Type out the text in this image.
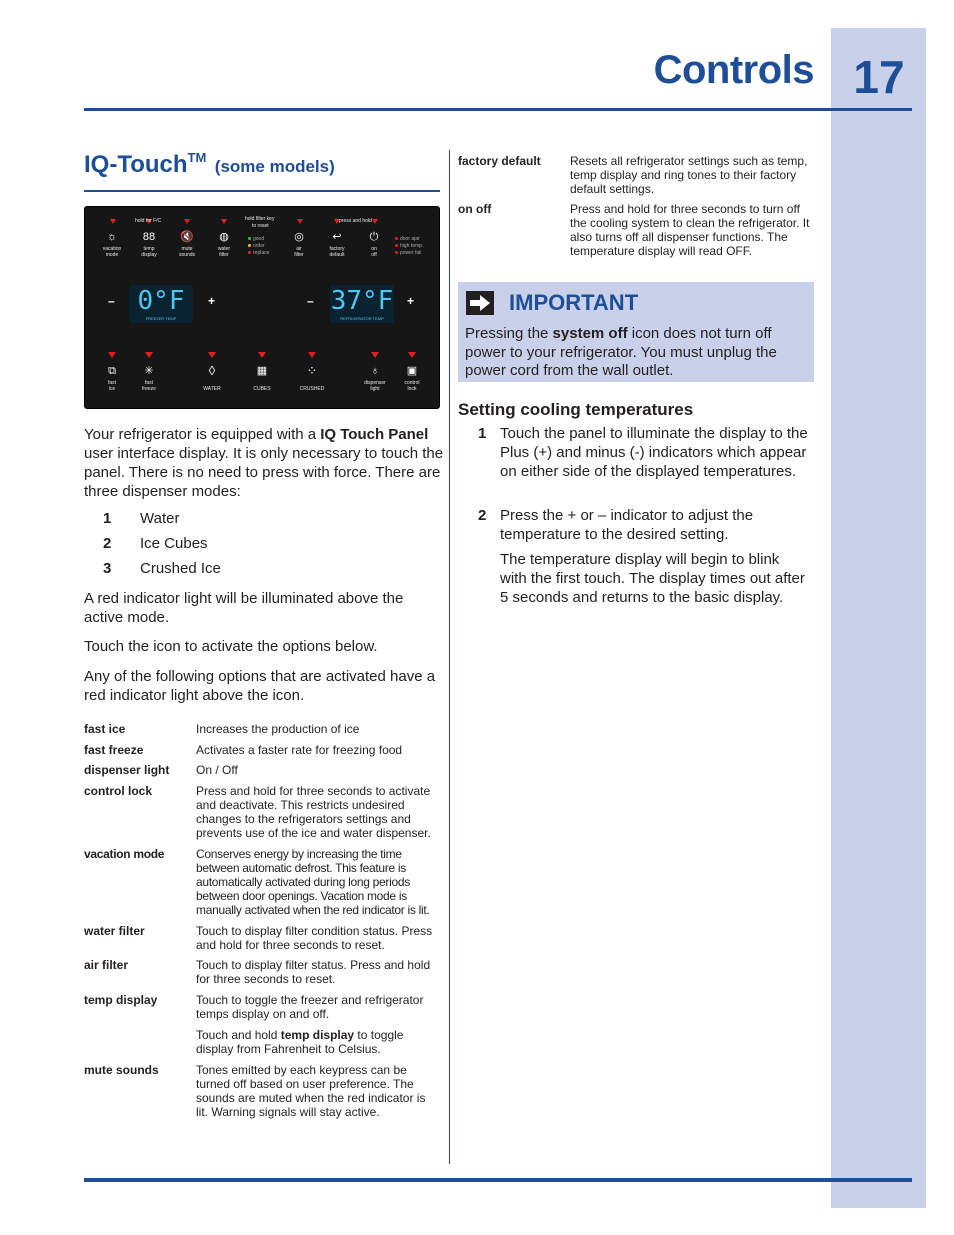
17
Controls
IQ-Touch™ (some models)
hold for F/C	hold filter key
to reset
press and hold
☼
vacation
mode
88
temp
display
🔇
mute
sounds
◍
water
filter
good
order
replace
◎
air
filter
↩
factory
default
⏻
on
off
door ajar
high temp
power fail
– 0°F
FREEZER TEMP
+	– 37°F
REFRIGERATOR TEMP
+
⧉
fast
ice
✳
fast
freeze
◊
WATER
▦
CUBES
⁘
CRUSHED
♁
dispenser
light
▣
control
lock
Your refrigerator is equipped with a IQ Touch Panel user interface display. It is only necessary to touch the panel. There is no need to press with force. There are three dispenser modes:
1 Water
2 Ice Cubes
3 Crushed Ice
A red indicator light will be illuminated above the active mode.
Touch the icon to activate the options below.
Any of the following options that are activated have a red indicator light above the icon.
fast ice	Increases the production of ice
fast freeze	Activates a faster rate for freezing food
dispenser light	On / Off
control lock	Press and hold for three seconds to activate and deactivate. This restricts undesired changes to the refrigerators settings and prevents use of the ice and water dispenser.
vacation mode	Conserves energy by increasing the time between automatic defrost. This feature is automatically activated during long periods between door openings. Vacation mode is manually activated when the red indicator is lit.
water filter	Touch to display filter condition status. Press and hold for three seconds to reset.
air filter	Touch to display filter status. Press and hold for three seconds to reset.
temp display	Touch to toggle the freezer and refrigerator temps display on and off.
Touch and hold temp display to toggle display from Fahrenheit to Celsius.
mute sounds	Tones emitted by each keypress can be turned off based on user preference. The sounds are muted when the red indicator is lit. Warning signals will stay active.
factory default	Resets all refrigerator settings such as temp, temp display and ring tones to their factory default settings.
on off	Press and hold for three seconds to turn off the cooling system to clean the refrigerator. It also turns off all dispenser functions. The temperature display will read OFF.
IMPORTANT
Pressing the system off icon does not turn off power to your refrigerator. You must unplug the power cord from the wall outlet.
Setting cooling temperatures
1 Touch the panel to illuminate the display to the Plus (+) and minus (-) indicators which appear on either side of the displayed temperatures.
2 Press the + or – indicator to adjust the temperature to the desired setting.
The temperature display will begin to blink with the first touch. The display times out after 5 seconds and returns to the basic display.
